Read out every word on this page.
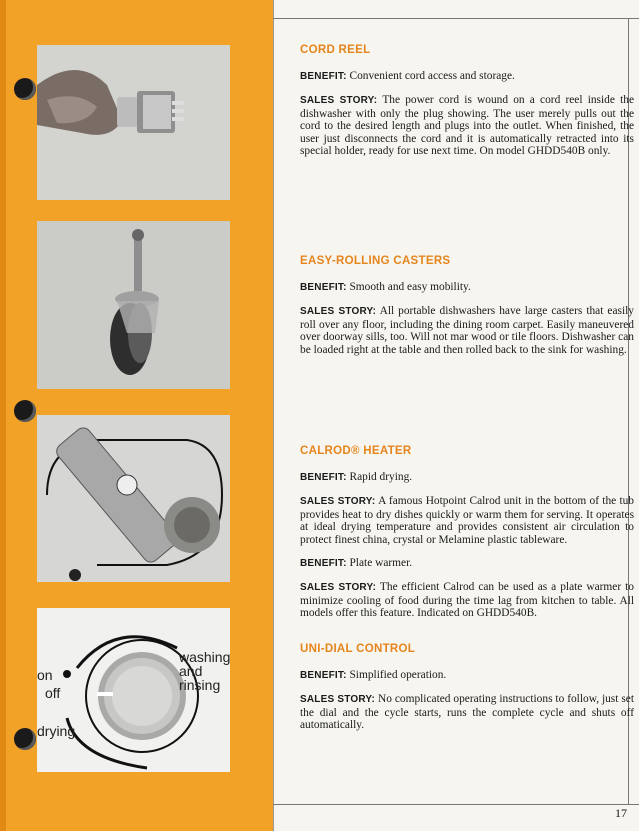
on
off
drying
washing
and
rinsing
CORD REEL

BENEFIT: Convenient cord access and storage.

SALES STORY: The power cord is wound on a cord reel inside the dishwasher with only the plug showing. The user merely pulls out the cord to the desired length and plugs into the outlet. When finished, the user just disconnects the cord and it is automatically retracted into its special holder, ready for use next time. On model GHDD540B only.

EASY-ROLLING CASTERS

BENEFIT: Smooth and easy mobility.

SALES STORY: All portable dishwashers have large casters that easily roll over any floor, including the dining room carpet. Easily maneuvered over doorway sills, too. Will not mar wood or tile floors. Dishwasher can be loaded right at the table and then rolled back to the sink for washing.

CALROD® HEATER

BENEFIT: Rapid drying.

SALES STORY: A famous Hotpoint Calrod unit in the bottom of the tub provides heat to dry dishes quickly or warm them for serving. It operates at ideal drying temperature and provides consistent air circulation to protect finest china, crystal or Melamine plastic tableware.

BENEFIT: Plate warmer.

SALES STORY: The efficient Calrod can be used as a plate warmer to minimize cooling of food during the time lag from kitchen to table. All models offer this feature. Indicated on GHDD540B.

UNI-DIAL CONTROL

BENEFIT: Simplified operation.

SALES STORY: No complicated operating instructions to follow, just set the dial and the cycle starts, runs the complete cycle and shuts off automatically.

17
